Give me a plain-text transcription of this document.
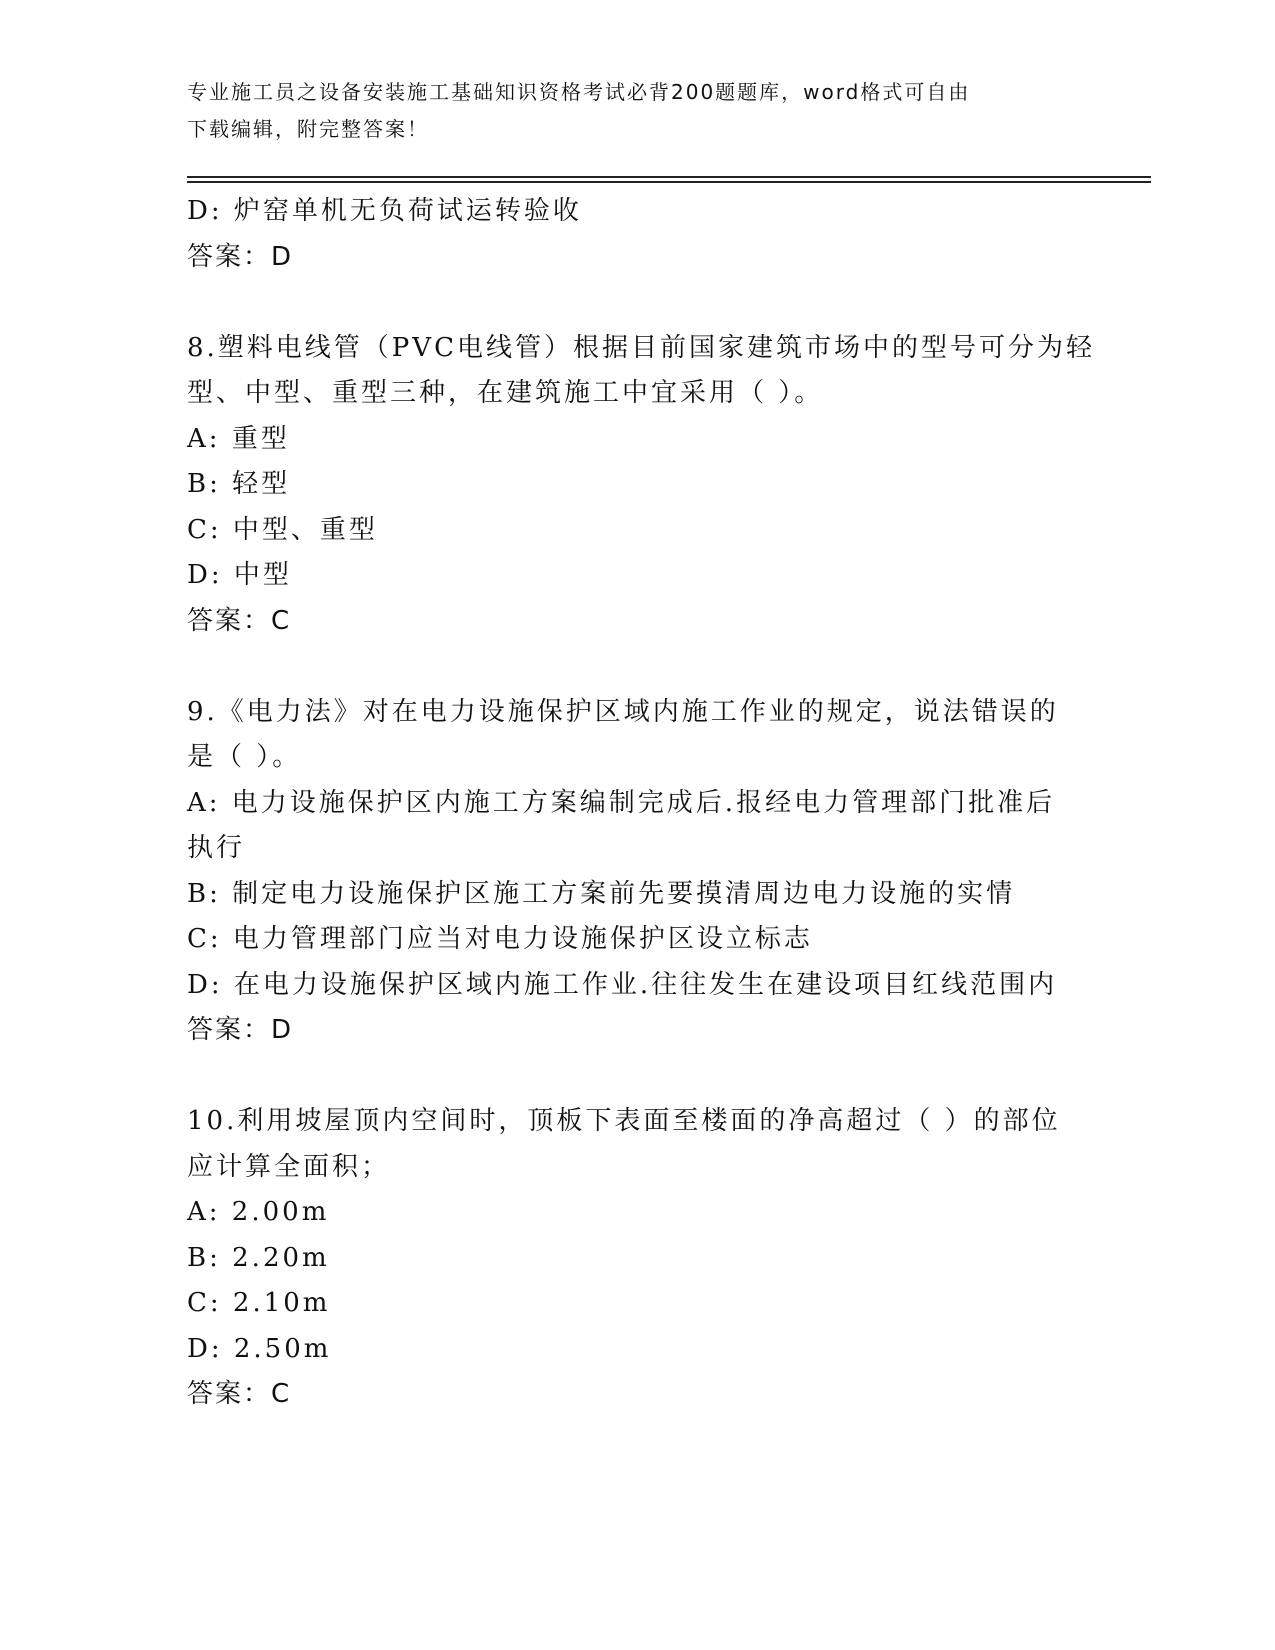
专业施工员之设备安装施工基础知识资格考试必背200题题库，word格式可自由
下载编辑，附完整答案！
D: 炉窑单机无负荷试运转验收
答案：D
8.塑料电线管（PVC电线管）根据目前国家建筑市场中的型号可分为轻
型、中型、重型三种，在建筑施工中宜采用（ ）。
A: 重型
B: 轻型
C: 中型、重型
D: 中型
答案：C
9.《电力法》对在电力设施保护区域内施工作业的规定，说法错误的
是（ ）。
A: 电力设施保护区内施工方案编制完成后.报经电力管理部门批准后
执行
B: 制定电力设施保护区施工方案前先要摸清周边电力设施的实情
C: 电力管理部门应当对电力设施保护区设立标志
D: 在电力设施保护区域内施工作业.往往发生在建设项目红线范围内
答案：D
10.利用坡屋顶内空间时，顶板下表面至楼面的净高超过（ ）的部位
应计算全面积；
A: 2.00m
B: 2.20m
C: 2.10m
D: 2.50m
答案：C
